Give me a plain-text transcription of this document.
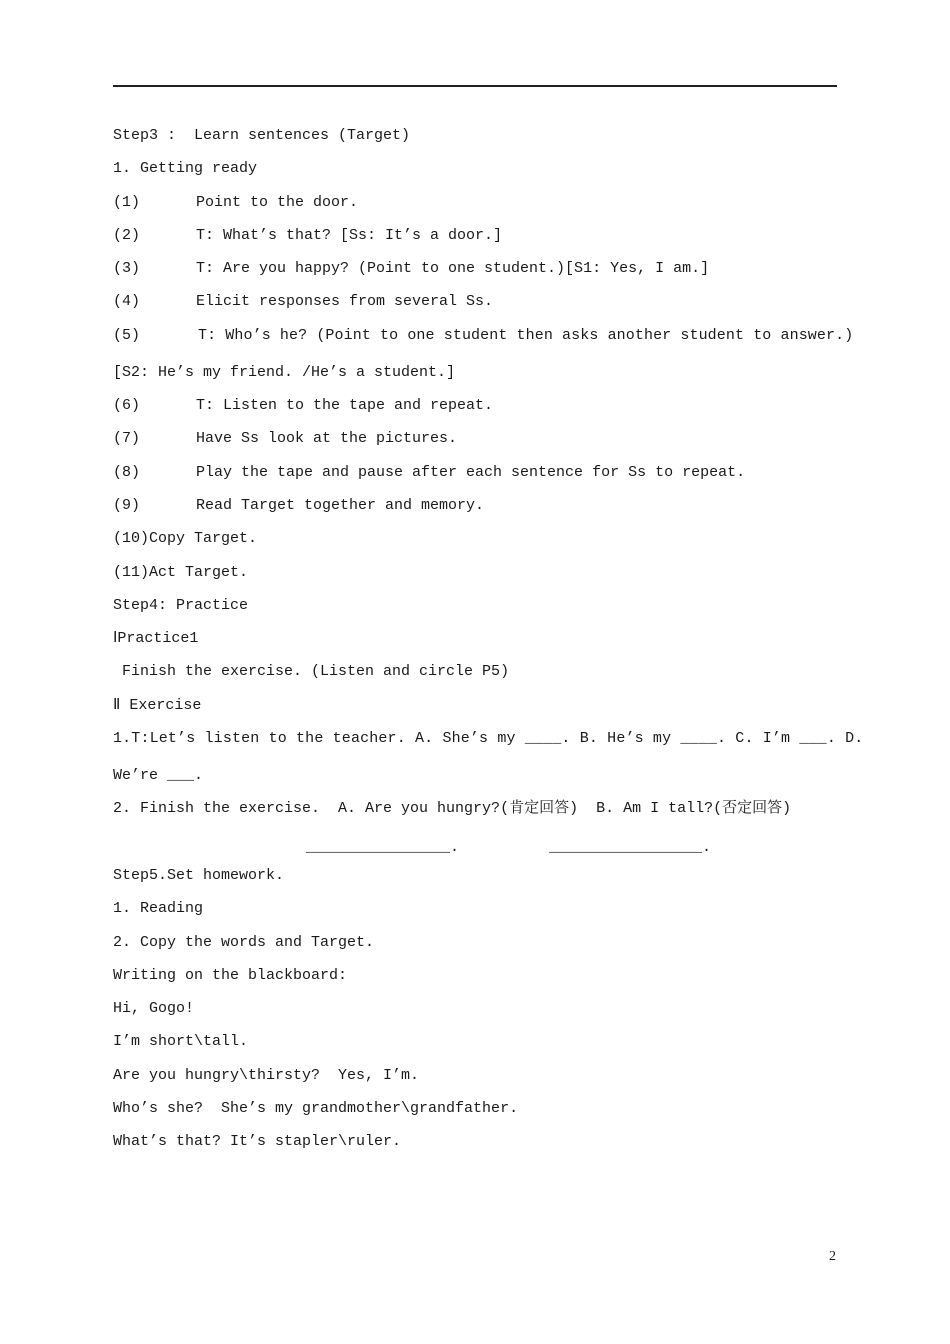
Step3 :  Learn sentences (Target)
1. Getting ready
(1)	Point to the door.
(2)	T: What’s that? [Ss: It’s a door.]
(3)	T: Are you happy? (Point to one student.)[S1: Yes, I am.]
(4)	Elicit responses from several Ss.
(5)	T: Who’s he? (Point to one student then asks another student to answer.)
[S2: He’s my friend. /He’s a student.]
(6)	T: Listen to the tape and repeat.
(7)	Have Ss look at the pictures.
(8)	Play the tape and pause after each sentence for Ss to repeat.
(9)	Read Target together and memory.
(10)Copy Target.
(11)Act Target.
Step4: Practice
ⅠPractice1
Finish the exercise. (Listen and circle P5)
Ⅱ Exercise
1.T:Let’s listen to the teacher. A. She’s my ____. B. He’s my ____. C. I’m ___. D.
We’re ___.
2. Finish the exercise.  A. Are you hungry?(肯定回答)  B. Am I tall?(否定回答)
________________.	_________________.
Step5.Set homework.
1. Reading
2. Copy the words and Target.
Writing on the blackboard:
Hi, Gogo!
I’m short\tall.
Are you hungry\thirsty?  Yes, I’m.
Who’s she?  She’s my grandmother\grandfather.
What’s that? It’s stapler\ruler.
2
